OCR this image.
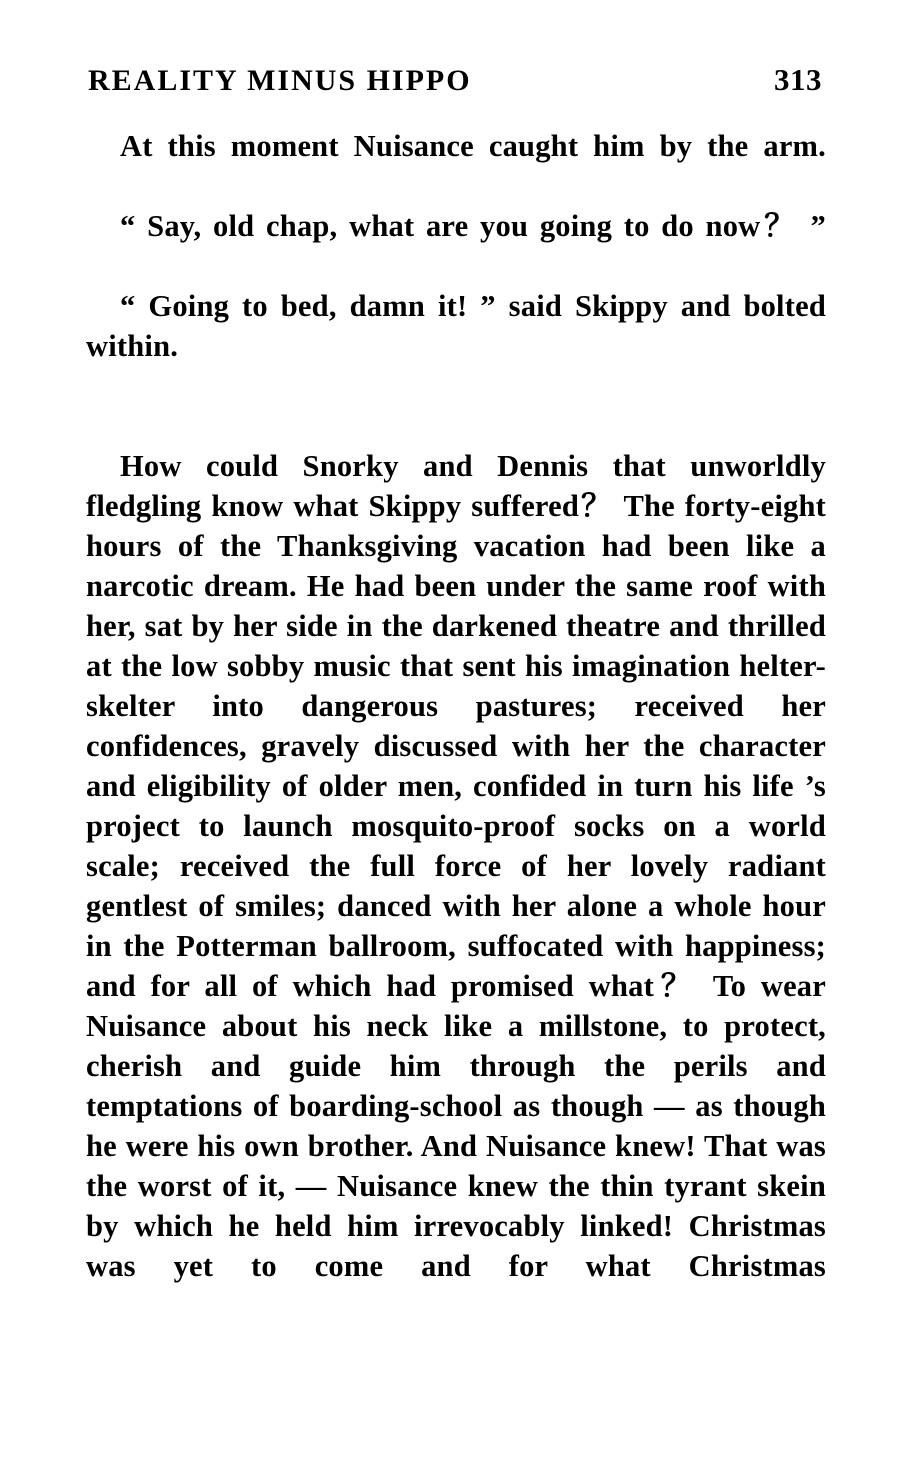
REALITY MINUS HIPPO	313

At this moment Nuisance caught him by the arm.

“ Say, old chap, what are you going to do now？ ”

“ Going to bed, damn it! ” said Skippy and bolted within.

How could Snorky and Dennis that unworldly fledgling know what Skippy suffered？ The forty-eight hours of the Thanksgiving vacation had been like a narcotic dream. He had been under the same roof with her, sat by her side in the darkened theatre and thrilled at the low sobby music that sent his imagination helter-skelter into dangerous pastures; received her confidences, gravely discussed with her the character and eligibility of older men, confided in turn his life ’s project to launch mosquito-proof socks on a world scale; received the full force of her lovely radiant gentlest of smiles; danced with her alone a whole hour in the Potterman ballroom, suffocated with happiness; and for all of which had promised what？ To wear Nuisance about his neck like a millstone, to protect, cherish and guide him through the perils and temptations of boarding-school as though — as though he were his own brother. And Nuisance knew! That was the worst of it, — Nuisance knew the thin tyrant skein by which he held him irrevocably linked! Christmas was yet to come and for what Christmas
